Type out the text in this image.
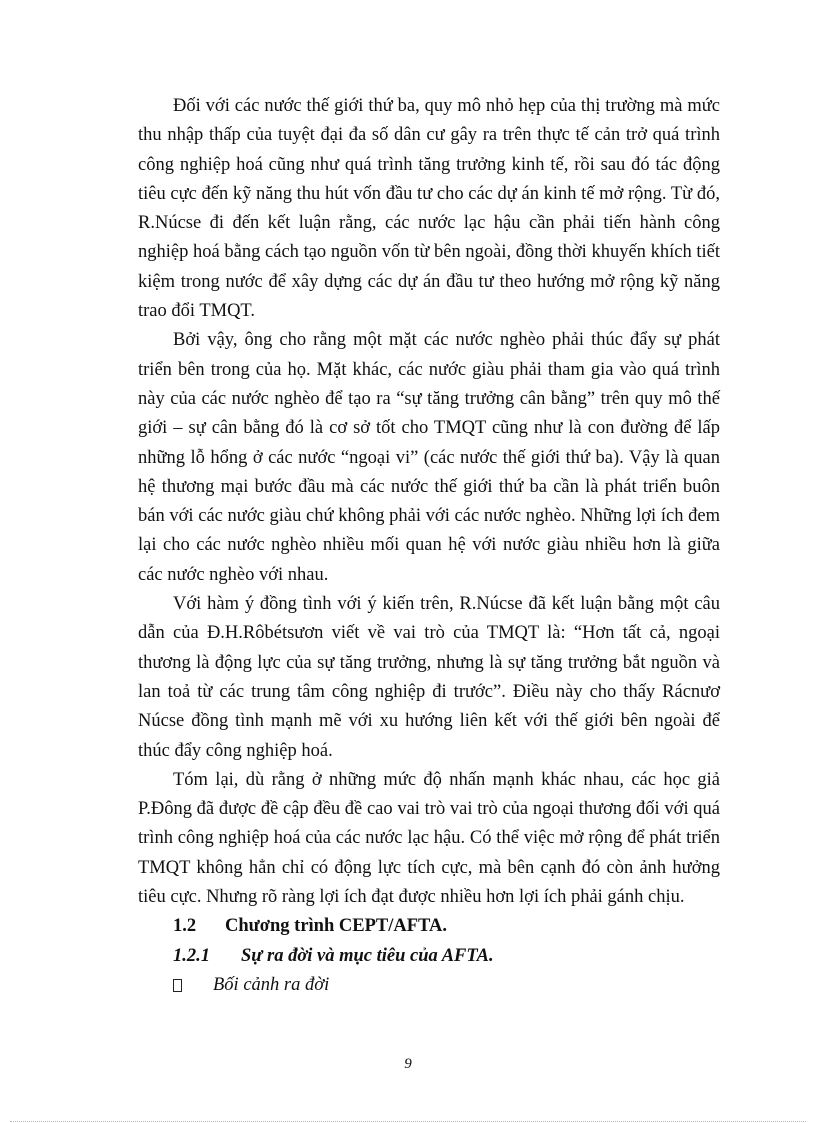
Đối với các nước thế giới thứ ba, quy mô nhỏ hẹp của thị trường mà mức thu nhập thấp của tuyệt đại đa số dân cư gây ra trên thực tế cản trở quá trình công nghiệp hoá cũng như quá trình tăng trưởng kinh tế, rồi sau đó tác động tiêu cực đến kỹ năng thu hút vốn đầu tư cho các dự án kinh tế mở rộng. Từ đó, R.Núcse đi đến kết luận rằng, các nước lạc hậu cần phải tiến hành công nghiệp hoá bằng cách tạo nguồn vốn từ bên ngoài, đồng thời khuyến khích tiết kiệm trong nước để xây dựng các dự án đầu tư theo hướng mở rộng kỹ năng trao đổi TMQT.

Bởi vậy, ông cho rằng một mặt các nước nghèo phải thúc đẩy sự phát triển bên trong của họ. Mặt khác, các nước giàu phải tham gia vào quá trình này của các nước nghèo để tạo ra “sự tăng trưởng cân bằng” trên quy mô thế giới – sự cân bằng đó là cơ sở tốt cho TMQT cũng như là con đường để lấp những lỗ hổng ở các nước “ngoại vi” (các nước thế giới thứ ba). Vậy là quan hệ thương mại bước đầu mà các nước thế giới thứ ba cần là phát triển buôn bán với các nước giàu chứ không phải với các nước nghèo. Những lợi ích đem lại cho các nước nghèo nhiều mối quan hệ với nước giàu nhiều hơn là giữa các nước nghèo với nhau.

Với hàm ý đồng tình với ý kiến trên, R.Núcse đã kết luận bằng một câu dẫn của Đ.H.Rôbétsươn viết về vai trò của TMQT là: “Hơn tất cả, ngoại thương là động lực của sự tăng trưởng, nhưng là sự tăng trưởng bắt nguồn và lan toả từ các trung tâm công nghiệp đi trước”. Điều này cho thấy Rácnươ Núcse đồng tình mạnh mẽ với xu hướng liên kết với thế giới bên ngoài để thúc đẩy công nghiệp hoá.

Tóm lại, dù rằng ở những mức độ nhấn mạnh khác nhau, các học giả P.Đông đã được đề cập đều đề cao vai trò vai trò của ngoại thương đối với quá trình công nghiệp hoá của các nước lạc hậu. Có thể việc mở rộng để phát triển TMQT không hẳn chỉ có động lực tích cực, mà bên cạnh đó còn ảnh hưởng tiêu cực. Nhưng rõ ràng lợi ích đạt được nhiều hơn lợi ích phải gánh chịu.

1.2	Chương trình CEPT/AFTA.
1.2.1	Sự ra đời và mục tiêu của AFTA.
Bối cảnh ra đời
9
